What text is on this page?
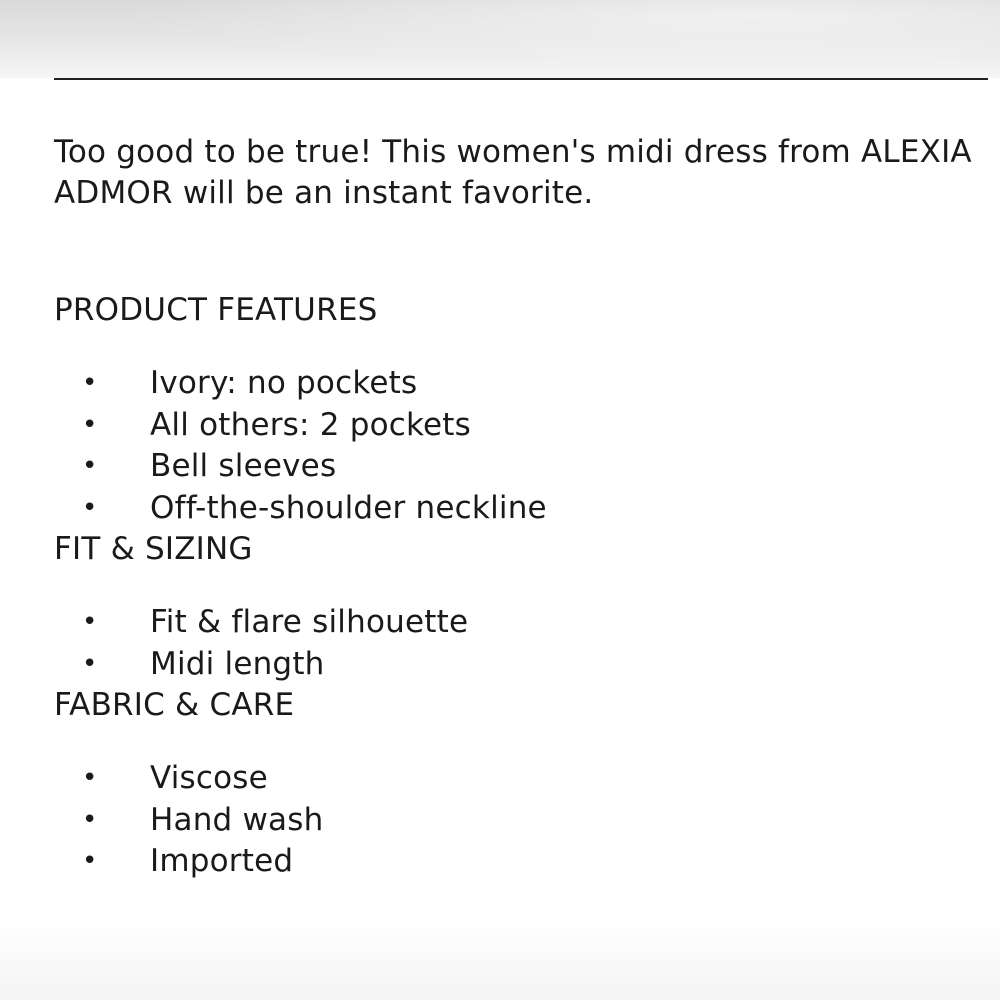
Too good to be true! This women's midi dress from ALEXIA ADMOR will be an instant favorite.

PRODUCT FEATURES
• Ivory: no pockets
• All others: 2 pockets
• Bell sleeves
• Off-the-shoulder neckline
FIT & SIZING
• Fit & flare silhouette
• Midi length
FABRIC & CARE
• Viscose
• Hand wash
• Imported
